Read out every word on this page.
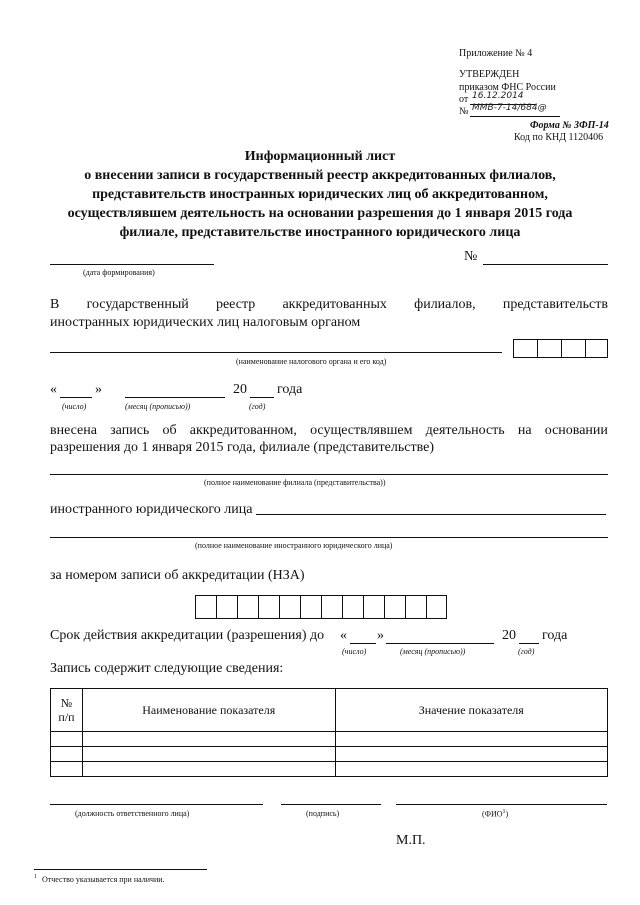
Приложение № 4
УТВЕРЖДЕН
приказом ФНС России
от 16.12.2014
№ ММВ-7-14/684@
Форма № ЗФП-14
Код по КНД 1120406
Информационный лист
о внесении записи в государственный реестр аккредитованных филиалов,
представительств иностранных юридических лиц об аккредитованном,
осуществлявшем деятельность на основании разрешения до 1 января 2015 года
филиале, представительстве иностранного юридического лица
(дата формирования)
№
В государственный реестр аккредитованных филиалов, представительств
иностранных юридических лиц налоговым органом
(наименование налогового органа и его код)
«	»	20 года
(число)	(месяц (прописью))	(год)
внесена запись об аккредитованном, осуществлявшем деятельность на основании
разрешения до 1 января 2015 года, филиале (представительстве)
(полное наименование филиала (представительства))
иностранного юридического лица
(полное наименование иностранного юридического лица)
за номером записи об аккредитации (НЗА)
Срок действия аккредитации (разрешения) до « »	20 года
(число)	(месяц (прописью))	(год)
Запись содержит следующие сведения:
№ п/п	Наименование показателя	Значение показателя

(должность ответственного лица)	(подпись)	(ФИО$^1$)
М.П.
$^1$ Отчество указывается при наличии.
